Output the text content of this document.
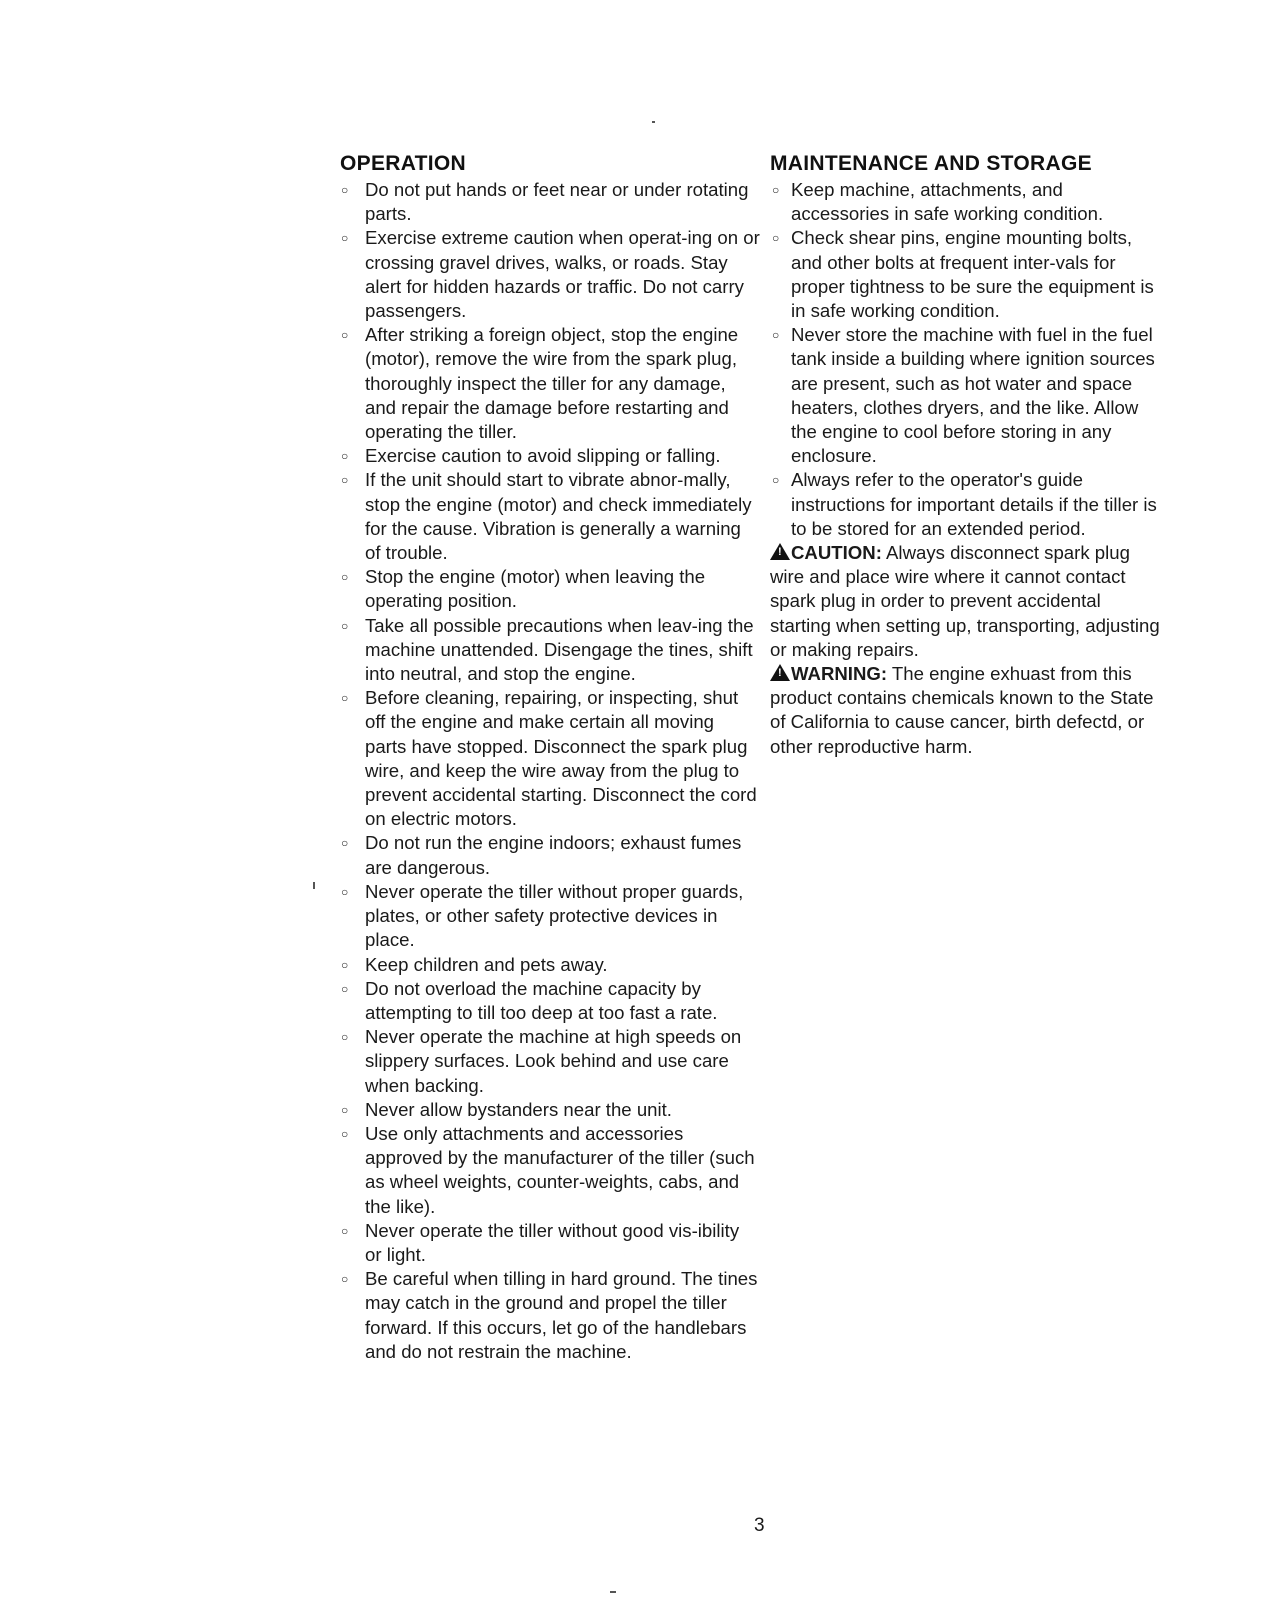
OPERATION
○ Do not put hands or feet near or under rotating parts.
○ Exercise extreme caution when operat-ing on or crossing gravel drives, walks, or roads. Stay alert for hidden hazards or traffic. Do not carry passengers.
○ After striking a foreign object, stop the engine (motor), remove the wire from the spark plug, thoroughly inspect the tiller for any damage, and repair the damage before restarting and operating the tiller.
○ Exercise caution to avoid slipping or falling.
○ If the unit should start to vibrate abnor-mally, stop the engine (motor) and check immediately for the cause. Vibration is generally a warning of trouble.
○ Stop the engine (motor) when leaving the operating position.
○ Take all possible precautions when leav-ing the machine unattended. Disengage the tines, shift into neutral, and stop the engine.
○ Before cleaning, repairing, or inspecting, shut off the engine and make certain all moving parts have stopped. Disconnect the spark plug wire, and keep the wire away from the plug to prevent accidental starting. Disconnect the cord on electric motors.
○ Do not run the engine indoors; exhaust fumes are dangerous.
○ Never operate the tiller without proper guards, plates, or other safety protective devices in place.
○ Keep children and pets away.
○ Do not overload the machine capacity by attempting to till too deep at too fast a rate.
○ Never operate the machine at high speeds on slippery surfaces. Look behind and use care when backing.
○ Never allow bystanders near the unit.
○ Use only attachments and accessories approved by the manufacturer of the tiller (such as wheel weights, counter-weights, cabs, and the like).
○ Never operate the tiller without good vis-ibility or light.
○ Be careful when tilling in hard ground. The tines may catch in the ground and propel the tiller forward. If this occurs, let go of the handlebars and do not restrain the machine.
MAINTENANCE AND STORAGE
○ Keep machine, attachments, and accessories in safe working condition.
○ Check shear pins, engine mounting bolts, and other bolts at frequent inter-vals for proper tightness to be sure the equipment is in safe working condition.
○ Never store the machine with fuel in the fuel tank inside a building where ignition sources are present, such as hot water and space heaters, clothes dryers, and the like. Allow the engine to cool before storing in any enclosure.
○ Always refer to the operator's guide instructions for important details if the tiller is to be stored for an extended period.

!CAUTION: Always disconnect spark plug wire and place wire where it cannot contact spark plug in order to prevent accidental starting when setting up, transporting, adjusting or making repairs.

!WARNING: The engine exhuast from this product contains chemicals known to the State of California to cause cancer, birth defectd, or other reproductive harm.

3
